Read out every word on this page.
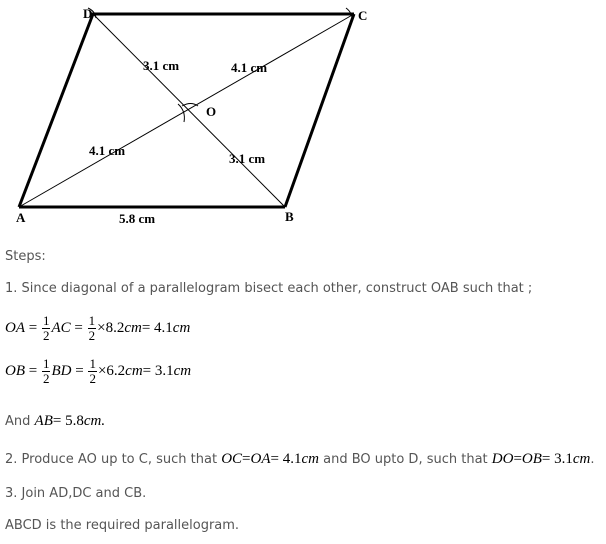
D	C
A	B
O
3.1 cm	4.1 cm
4.1 cm
3.1 cm
5.8 cm
Steps:
1. Since diagonal of a parallelogram bisect each other, construct OAB such that ;
OA = $\frac{1}{2}$ AC = $\frac{1}{2} \times 8.2cm= 4.1cm$
OB = $\frac{1}{2}$ BD = $\frac{1}{2} \times 6.2cm= 3.1cm$
And AB= 5.8cm.
2. Produce AO up to C, such that OC=OA= 4.1cm and BO upto D, such that DO=OB= 3.1cm.
3. Join AD,DC and CB.
ABCD is the required parallelogram.
